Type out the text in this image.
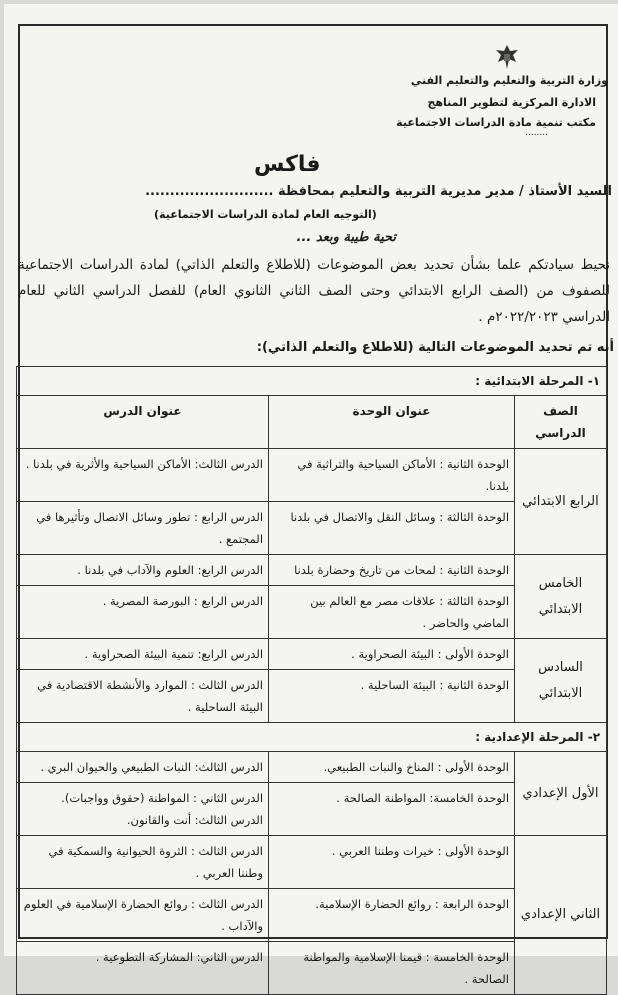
وزارة التربية والتعليم والتعليم الفني
الادارة المركزية لتطوير المناهج
مكتب تنمية مادة الدراسات الاجتماعية
........
فاكس
السيد الأستاذ / مدير مديرية التربية والتعليم بمحافظة ..........................
(التوجيه العام لمادة الدراسات الاجتماعية)
تحية طيبة وبعد ...
نحيط سيادتكم علما بشأن تحديد بعض الموضوعات (للاطلاع والتعلم الذاتي) لمادة الدراسات الاجتماعية للصفوف من (الصف الرابع الابتدائي وحتى الصف الثاني الثانوي العام) للفصل الدراسي الثاني للعام الدراسي ٢٠٢٢/٢٠٢٣م .
أنه تم تحديد الموضوعات التالية (للاطلاع والتعلم الذاتي):
١- المرحلة الابتدائية :		
الصف الدراسي	عنوان الوحدة	عنوان الدرس
الرابع الابتدائي	الوحدة الثانية : الأماكن السياحية والتراثية في بلدنا.	الدرس الثالث: الأماكن السياحية والأثرية في بلدنا .
	الوحدة الثالثة : وسائل النقل والاتصال في بلدنا	الدرس الرابع : تطور وسائل الاتصال وتأثيرها في المجتمع .
الخامس الابتدائي	الوحدة الثانية : لمحات من تاريخ وحضارة بلدنا	الدرس الرابع: العلوم والآداب في بلدنا .
	الوحدة الثالثة : علاقات مصر مع العالم بين الماضي والحاضر .	الدرس الرابع : البورصة المصرية .
السادس الابتدائي	الوحدة الأولى : البيئة الصحراوية .	الدرس الرابع: تنمية البيئة الصحراوية .
	الوحدة الثانية : البيئة الساحلية .	الدرس الثالث : الموارد والأنشطة الاقتصادية في البيئة الساحلية .
٢- المرحلة الإعدادية :		
الأول الإعدادي	الوحدة الأولى : المناخ والنبات الطبيعي.	الدرس الثالث: النبات الطبيعي والحيوان البري .
	الوحدة الخامسة: المواطنة الصالحة .	الدرس الثاني : المواطنة (حقوق وواجبات).
الدرس الثالث: أنت والقانون.

الثاني الإعدادي	الوحدة الأولى : خيرات وطننا العربي .	الدرس الثالث : الثروة الحيوانية والسمكية في وطننا العربي .
	الوحدة الرابعة : روائع الحضارة الإسلامية.	الدرس الثالث : روائع الحضارة الإسلامية في العلوم والآداب .
	الوحدة الخامسة : قيمنا الإسلامية والمواطنة الصالحة .	الدرس الثاني: المشاركة التطوعية .
